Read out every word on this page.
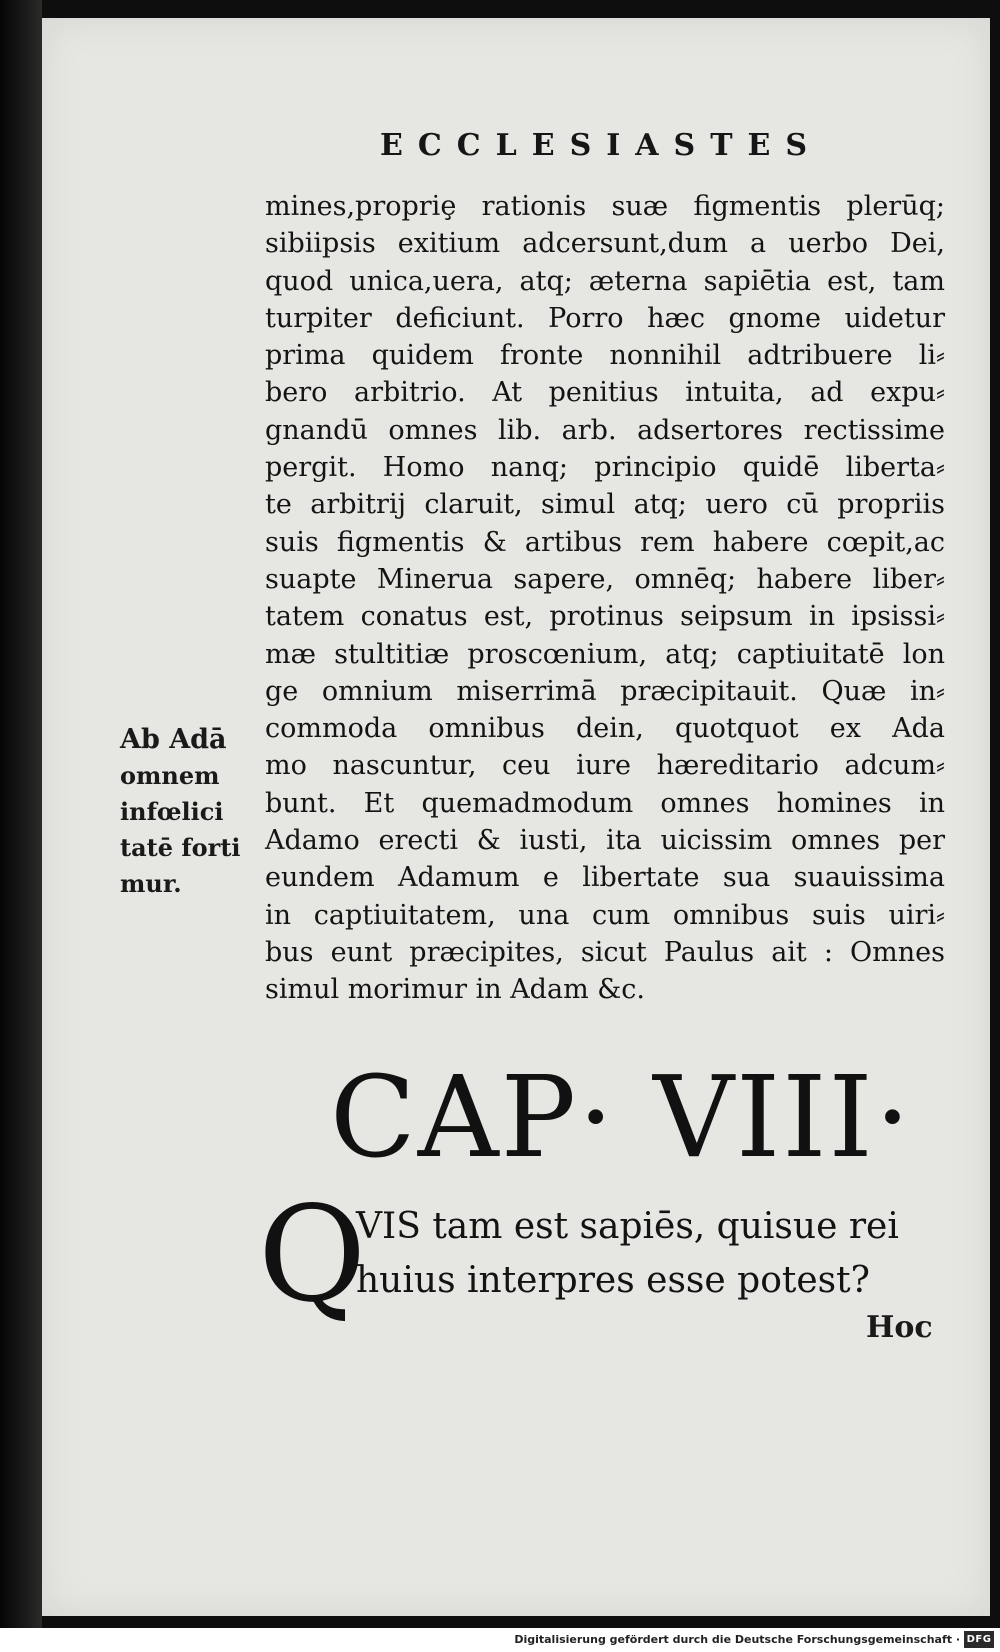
ECCLESIASTES
mines,propriȩ rationis suæ figmentis plerūq;
sibiipsis exitium adcersunt,dum a uerbo Dei,
quod unica,uera, atq; æterna sapiētia est, tam
turpiter deficiunt. Porro hæc gnome uidetur
prima quidem fronte nonnihil adtribuere li⸗
bero arbitrio. At penitius intuita, ad expu⸗
gnandū omnes lib. arb. adsertores rectissime
pergit. Homo nanq; principio quidē liberta⸗
te arbitrij claruit, simul atq; uero cū propriis
suis figmentis & artibus rem habere cœpit,ac
suapte Minerua sapere, omnēq; habere liber⸗
tatem conatus est, protinus seipsum in ipsissi⸗
mæ stultitiæ proscœnium, atq; captiuitatē lon
ge omnium miserrimā præcipitauit. Quæ in⸗
commoda omnibus dein, quotquot ex Ada
mo nascuntur, ceu iure hæreditario adcum⸗
bunt. Et quemadmodum omnes homines in
Adamo erecti & iusti, ita uicissim omnes per
eundem Adamum e libertate sua suauissima
in captiuitatem, una cum omnibus suis uiri⸗
bus eunt præcipites, sicut Paulus ait : Omnes
simul morimur in Adam &c.
Ab Adā
omnem
infœlici
tatē forti
mur.
CAP· VIII·
Q
VIS tam est sapiēs, quisue rei
huius interpres esse potest?
Hoc
Digitalisierung gefördert durch die Deutsche Forschungsgemeinschaft · DFG
